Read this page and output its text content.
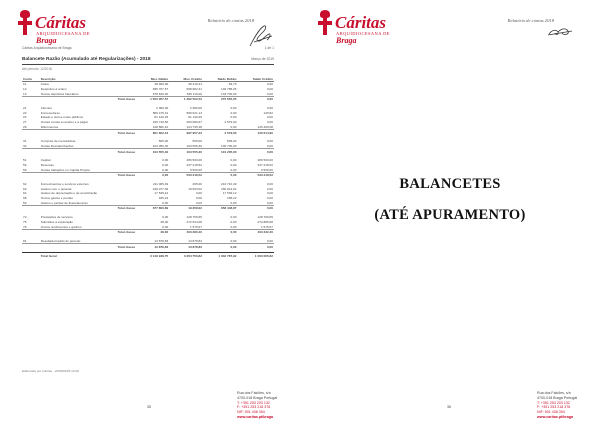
Cáritas
ARQUIDIOCESANA DE
Braga
Relatório de contas 2018
Cáritas Arquidiocesana de Braga	1 de 1
Balancete Razão (Acumulado até Regularizações) - 2018	Março de 2019
Até período: 12/2018
Conta	Descrição	Mov. Débito	Mov. Crédito	Saldo Débito	Saldo Crédito
11	Caixa	38 480,00	38 410,21	69,79	0,00
12	Depósitos à ordem	835 767,57	698 982,31	136 785,26	0,00
13	Outros depósitos bancários	678 810,00	545 110,00	133 700,00	0,00
	Total classe	1 553 057,57	1 282 502,52	270 555,05	0,00

21	Clientes	2 380,00	2 380,00	0,00	0,00
22	Fornecedores	589 475,31	589 621,13	0,00	145,82
24	Estado e outros entes públicos	81 140,25	81 140,25	0,00	0,00
27	Outras contas a receber e a pagar	199 740,50	200 080,67	2 579,00	0,00
28	Diferimentos	128 866,10	124 735,18	0,00	126 469,08
	Total classe	801 602,16	997 957,23	2 579,00	126 614,90

31	Compras de mercadorias	505,00	505,00	505,00	0,00
32	Outras Desvalorizações	103 050,30	103 050,30	100 700,00	0,00
	Total classe	103 555,30	103 555,30	101 205,00	0,00

51	Capital	0,00	286 500,00	0,00	286 500,00
56	Reservas	0,00	237 218,52	0,00	237 218,52
59	Outras Variações no Capital Próprio	0,00	9 500,00	0,00	9 500,00
	Total classe	0,00	533 218,52	0,00	533 218,52

62	Fornecimentos e serviços externos	211 005,49	295,00	210 710,49	0,00
63	Gastos com o pessoal	449 077,06	19 063,02	430 014,04	0,00
64	Gastos de depreciação e de amortização	17 539,12	0,00	17 539,12	0,00
68	Outros gastos e perdas	185,22	0,00	185,22	0,00
69	Gastos e perdas de financiamento	0,00	0,00	0,00	0,00
	Total classe	677 806,89	19 358,02	658 448,87	0,00

72	Prestações de serviços	0,00	128 769,65	0,00	128 769,65
75	Subsídios à exploração	48,00	272 934,08	0,00	272 886,08
78	Outros rendimentos e ganhos	0,00	1 576,67	0,00	1 576,67
	Total classe	48,00	403 280,40	0,00	403 232,40

81	Resultado líquido do período	13 878,83	13 878,83	0,00	0,00
	Total classe	13 878,83	13 878,83	0,00	0,00

	Total Geral	3 149 948,75	3 353 750,82	1 032 787,92	1 063 065,82
Elaborado por Cáritas · 2019/03/25 10:26
35
Cáritas
ARQUIDIOCESANA DE
Braga
Relatório de contas 2018
BALANCETES
(ATÉ APURAMENTO)
36
Rua dos Falcões, s/n
4700-018 Braga Portugal
T: +351 253 203 132
F: +351 253 218 376
NIF: 501 438 394
www.caritas.pt/braga
Rua dos Falcões, s/n
4700-018 Braga Portugal
T: +351 253 203 132
F: +351 253 218 376
NIF: 501 438 394
www.caritas.pt/braga
